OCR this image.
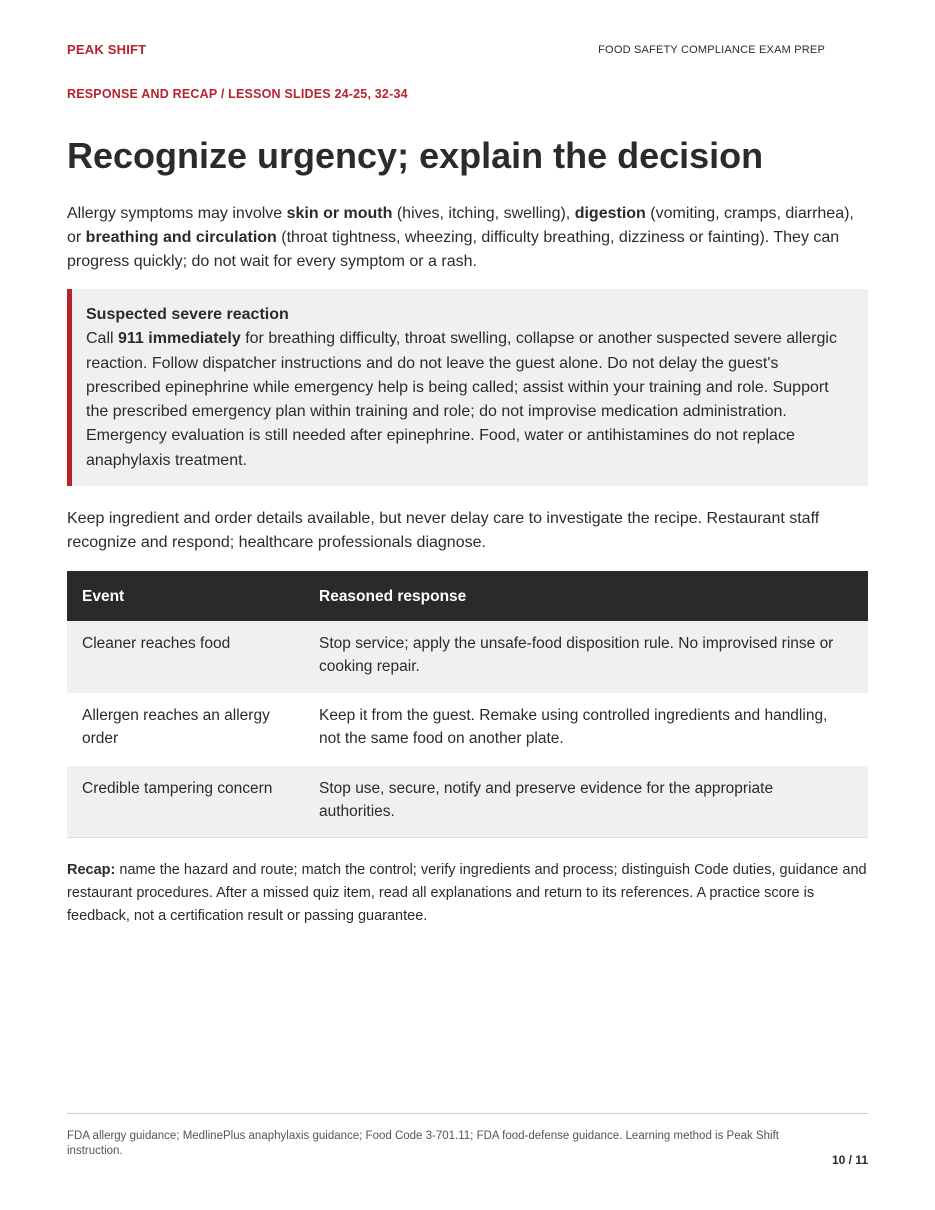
PEAK SHIFT	FOOD SAFETY COMPLIANCE EXAM PREP
RESPONSE AND RECAP / LESSON SLIDES 24-25, 32-34
Recognize urgency; explain the decision

Allergy symptoms may involve skin or mouth (hives, itching, swelling), digestion (vomiting, cramps, diarrhea), or breathing and circulation (throat tightness, wheezing, difficulty breathing, dizziness or fainting). They can progress quickly; do not wait for every symptom or a rash.

Suspected severe reaction
Call 911 immediately for breathing difficulty, throat swelling, collapse or another suspected severe allergic reaction. Follow dispatcher instructions and do not leave the guest alone. Do not delay the guest's prescribed epinephrine while emergency help is being called; assist within your training and role. Support the prescribed emergency plan within training and role; do not improvise medication administration. Emergency evaluation is still needed after epinephrine. Food, water or antihistamines do not replace anaphylaxis treatment.

Keep ingredient and order details available, but never delay care to investigate the recipe. Restaurant staff recognize and respond; healthcare professionals diagnose.

Event	Reasoned response
Cleaner reaches food	Stop service; apply the unsafe-food disposition rule. No improvised rinse or cooking repair.
Allergen reaches an allergy order	Keep it from the guest. Remake using controlled ingredients and handling, not the same food on another plate.
Credible tampering concern	Stop use, secure, notify and preserve evidence for the appropriate authorities.

Recap: name the hazard and route; match the control; verify ingredients and process; distinguish Code duties, guidance and restaurant procedures. After a missed quiz item, read all explanations and return to its references. A practice score is feedback, not a certification result or passing guarantee.

FDA allergy guidance; MedlinePlus anaphylaxis guidance; Food Code 3-701.11; FDA food-defense guidance. Learning method is Peak Shift instruction.
10 / 11
